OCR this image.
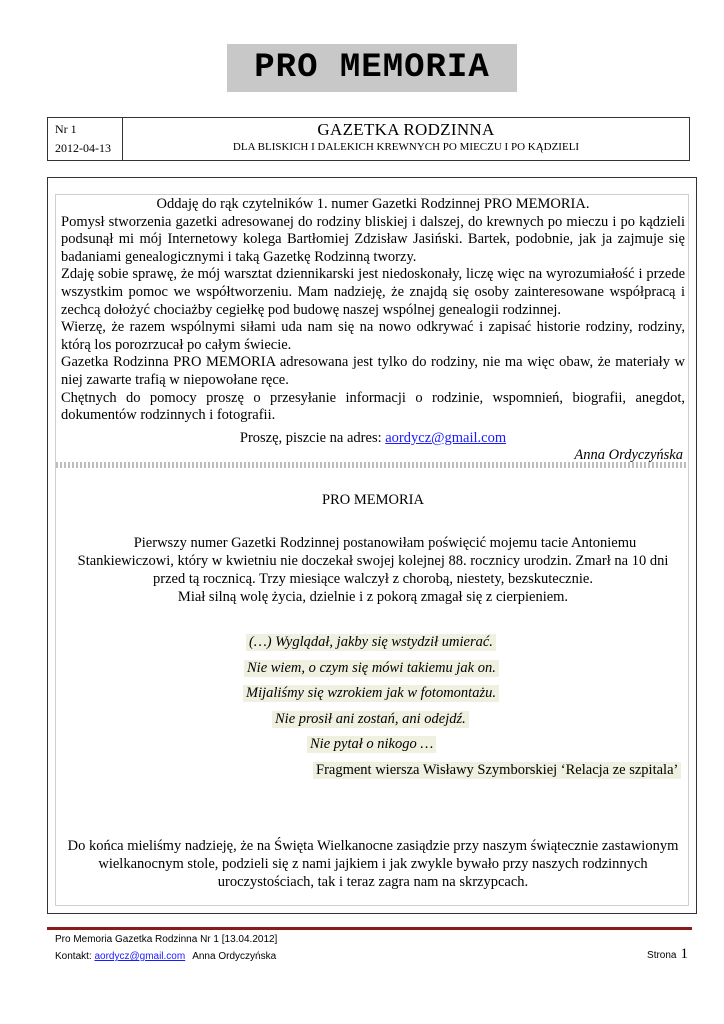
PRO MEMORIA
Nr 1
2012-04-13
GAZETKA RODZINNA
DLA BLISKICH I DALEKICH KREWNYCH PO MIECZU I PO KĄDZIELI

Oddaję do rąk czytelników 1. numer Gazetki Rodzinnej PRO MEMORIA.

Pomysł stworzenia gazetki adresowanej do rodziny bliskiej i dalszej, do krewnych po mieczu i po kądzieli podsunął mi mój Internetowy kolega Bartłomiej Zdzisław Jasiński. Bartek, podobnie, jak ja zajmuje się badaniami genealogicznymi i taką Gazetkę Rodzinną tworzy.

Zdaję sobie sprawę, że mój warsztat dziennikarski jest niedoskonały, liczę więc na wyrozumiałość i przede wszystkim pomoc we współtworzeniu. Mam nadzieję, że znajdą się osoby zainteresowane współpracą i zechcą dołożyć chociażby cegiełkę pod budowę naszej wspólnej genealogii rodzinnej.

Wierzę, że razem wspólnymi siłami uda nam się na nowo odkrywać i zapisać historie rodziny, rodziny, którą los porozrzucał po całym świecie.

Gazetka Rodzinna PRO MEMORIA adresowana jest tylko do rodziny, nie ma więc obaw, że materiały w niej zawarte trafią w niepowołane ręce.

Chętnych do pomocy proszę o przesyłanie informacji o rodzinie, wspomnień, biografii, anegdot, dokumentów rodzinnych i fotografii.

Proszę, piszcie na adres: aordycz@gmail.com
Anna Ordyczyńska
PRO MEMORIA
Pierwszy numer Gazetki Rodzinnej postanowiłam poświęcić mojemu tacie Antoniemu
Stankiewiczowi, który w kwietniu nie doczekał swojej kolejnej 88. rocznicy urodzin. Zmarł na 10 dni
przed tą rocznicą. Trzy miesiące walczył z chorobą, niestety, bezskutecznie.
Miał silną wolę życia, dzielnie i z pokorą zmagał się z cierpieniem.
(…) Wyglądał, jakby się wstydził umierać.
Nie wiem, o czym się mówi takiemu jak on.
Mijaliśmy się wzrokiem jak w fotomontażu.
Nie prosił ani zostań, ani odejdź.
Nie pytał o nikogo …
Fragment wiersza Wisławy Szymborskiej ‘Relacja ze szpitala’
Do końca mieliśmy nadzieję, że na Święta Wielkanocne zasiądzie przy naszym świątecznie zastawionym
wielkanocnym stole, podzieli się z nami jajkiem i jak zwykle bywało przy naszych rodzinnych
uroczystościach, tak i teraz zagra nam na skrzypcach.
Pro Memoria Gazetka Rodzinna Nr 1 [13.04.2012]
Kontakt: aordycz@gmail.com Anna Ordyczyńska	Strona 1
